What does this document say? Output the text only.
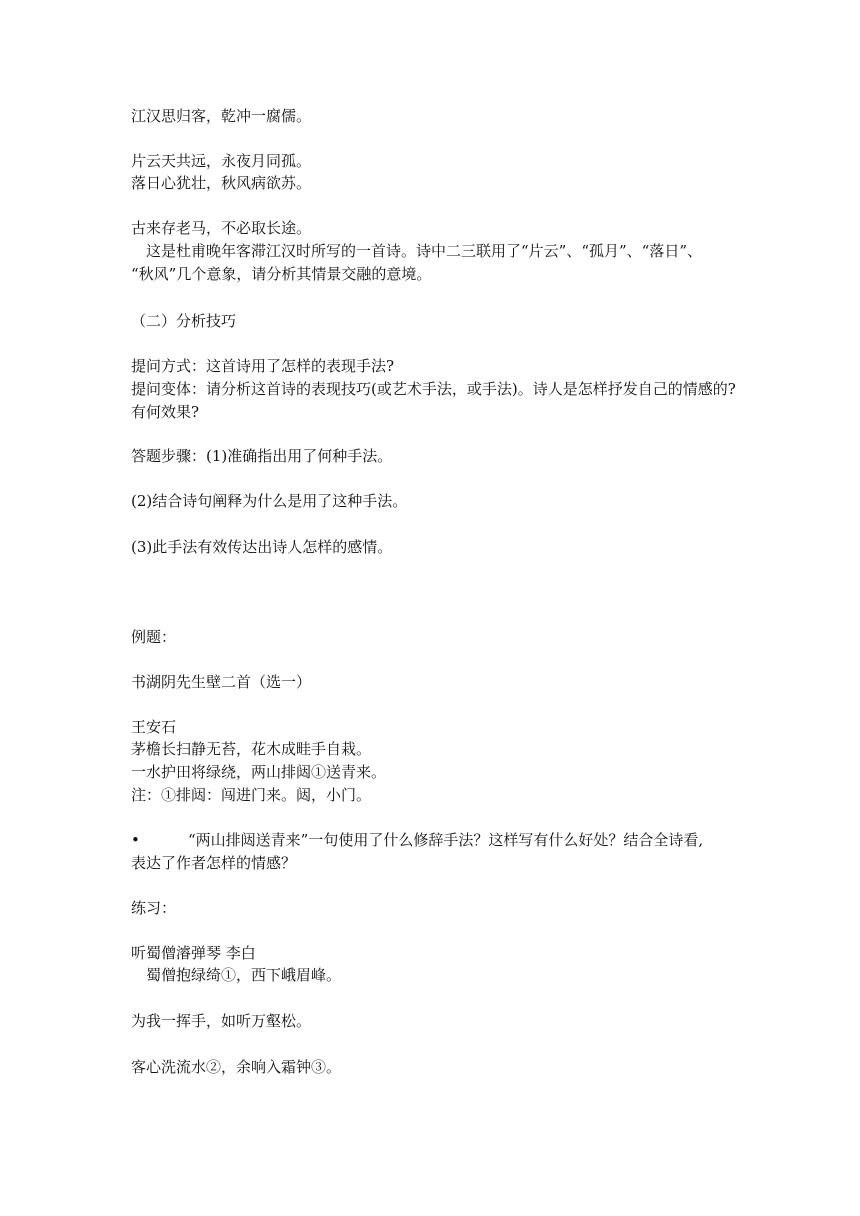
江汉思归客，乾冲一腐儒。
片云天共远，永夜月同孤。
落日心犹壮，秋风病欲苏。
古来存老马，不必取长途。
　这是杜甫晚年客滞江汉时所写的一首诗。诗中二三联用了“片云”、“孤月”、“落日”、
“秋风”几个意象，请分析其情景交融的意境。
（二）分析技巧
提问方式：这首诗用了怎样的表现手法?
提问变体：请分析这首诗的表现技巧(或艺术手法，或手法)。诗人是怎样抒发自己的情感的?
有何效果?
答题步骤：(1)准确指出用了何种手法。
(2)结合诗句阐释为什么是用了这种手法。
(3)此手法有效传达出诗人怎样的感情。
例题：
书湖阴先生壁二首（选一）
王安石
茅檐长扫静无苔，花木成畦手自栽。
一水护田将绿绕，两山排闼①送青来。
注：①排闼：闯进门来。闼，小门。
•	“两山排闼送青来”一句使用了什么修辞手法？这样写有什么好处？结合全诗看,
表达了作者怎样的情感？
练习：
听蜀僧濬弹琴 李白
　蜀僧抱绿绮①，西下峨眉峰。
为我一挥手，如听万壑松。
客心洗流水②，余响入霜钟③。
